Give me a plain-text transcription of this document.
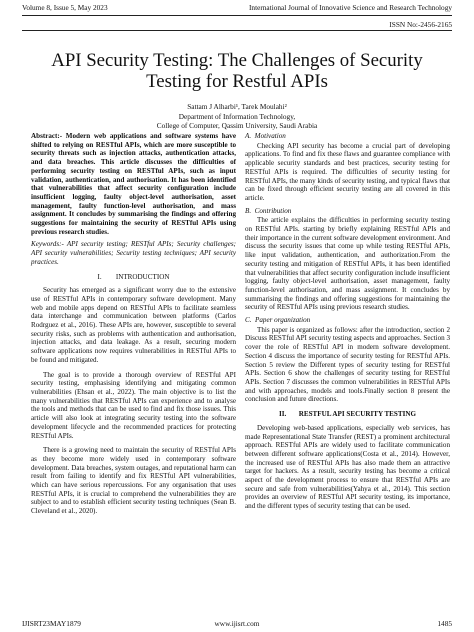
Volume 8, Issue 5, May 2023	International Journal of Innovative Science and Research Technology
ISSN No:-2456-2165
API Security Testing: The Challenges of Security Testing for Restful APIs
Sattam J Alharbi¹, Tarek Moulahi²
Department of Information Technology,
College of Computer, Qassim University, Saudi Arabia

Abstract:- Modern web applications and software systems have shifted to relying on RESTful APIs, which are more susceptible to security threats such as injection attacks, authentication attacks, and data breaches. This article discusses the difficulties of performing security testing on RESTful APIs, such as input validation, authentication, and authorisation. It has been identified that vulnerabilities that affect security configuration include insufficient logging, faulty object-level authorisation, asset management, faulty function-level authorisation, and mass assignment. It concludes by summarising the findings and offering suggestions for maintaining the security of RESTful APIs using previous research studies.

Keywords:- API security testing; RESTful APIs; Security challenges; API security vulnerabilities; Security testing techniques; API security practices.

I.        INTRODUCTION

Security has emerged as a significant worry due to the extensive use of RESTful APIs in contemporary software development. Many web and mobile apps depend on RESTful APIs to facilitate seamless data interchange and communication between platforms (Carlos Rodrguez et al., 2016). These APIs are, however, susceptible to several security risks, such as problems with authentication and authorisation, injection attacks, and data leakage. As a result, securing modern software applications now requires vulnerabilities in RESTful APIs to be found and mitigated.

The goal is to provide a thorough overview of RESTful API security testing, emphasising identifying and mitigating common vulnerabilities (Ehsan et al., 2022). The main objective is to list the many vulnerabilities that RESTful APIs can experience and to analyse the tools and methods that can be used to find and fix those issues. This article will also look at integrating security testing into the software development lifecycle and the recommended practices for protecting RESTful APIs.

There is a growing need to maintain the security of RESTful APIs as they become more widely used in contemporary software development. Data breaches, system outages, and reputational harm can result from failing to identify and fix RESTful API vulnerabilities, which can have serious repercussions. For any organisation that uses RESTful APIs, it is crucial to comprehend the vulnerabilities they are subject to and to establish efficient security testing techniques (Sean B. Cleveland et al., 2020).

A.  Motivation

Checking API security has become a crucial part of developing applications. To find and fix these flaws and guarantee compliance with applicable security standards and best practices, security testing for RESTful APIs is required. The difficulties of security testing for RESTful APIs, the many kinds of security testing, and typical flaws that can be fixed through efficient security testing are all covered in this article.

B.  Contribution

The article explains the difficulties in performing security testing on RESTful APIs. starting by briefly explaining RESTful APIs and their importance in the current software development environment. And discuss the security issues that come up while testing RESTful APIs, like input validation, authentication, and authorization.From the security testing and mitigation of RESTful APIs, it has been identified that vulnerabilities that affect security configuration include insufficient logging, faulty object-level authorisation, asset management, faulty function-level authorisation, and mass assignment. It concludes by summarising the findings and offering suggestions for maintaining the security of RESTful APIs using previous research studies.

C.  Paper organization

This paper is organized as follows: after the introduction, section 2 Discuss RESTful API security testing aspects and approaches. Section 3 cover the role of RESTful API in modern software development. Section 4 discuss the importance of security testing for RESTful APIs. Section 5 review the Different types of security testing for RESTful APIs. Section 6 show the challenges of security testing for RESTful APIs. Section 7 discusses the common vulnerabilities in RESTful APIs and with approaches, models and tools.Finally section 8 present the conclusion and future directions.

II.       RESTFUL API SECURITY TESTING

Developing web-based applications, especially web services, has made Representational State Transfer (REST) a prominent architectural approach. RESTful APIs are widely used to facilitate communication between different software applications(Costa et al., 2014). However, the increased use of RESTful APIs has also made them an attractive target for hackers. As a result, security testing has become a critical aspect of the development process to ensure that RESTful APIs are secure and safe from vulnerabilities(Yahya et al., 2014). This section provides an overview of RESTful API security testing, its importance, and the different types of security testing that can be used.

IJISRT23MAY1879	www.ijisrt.com	1485
